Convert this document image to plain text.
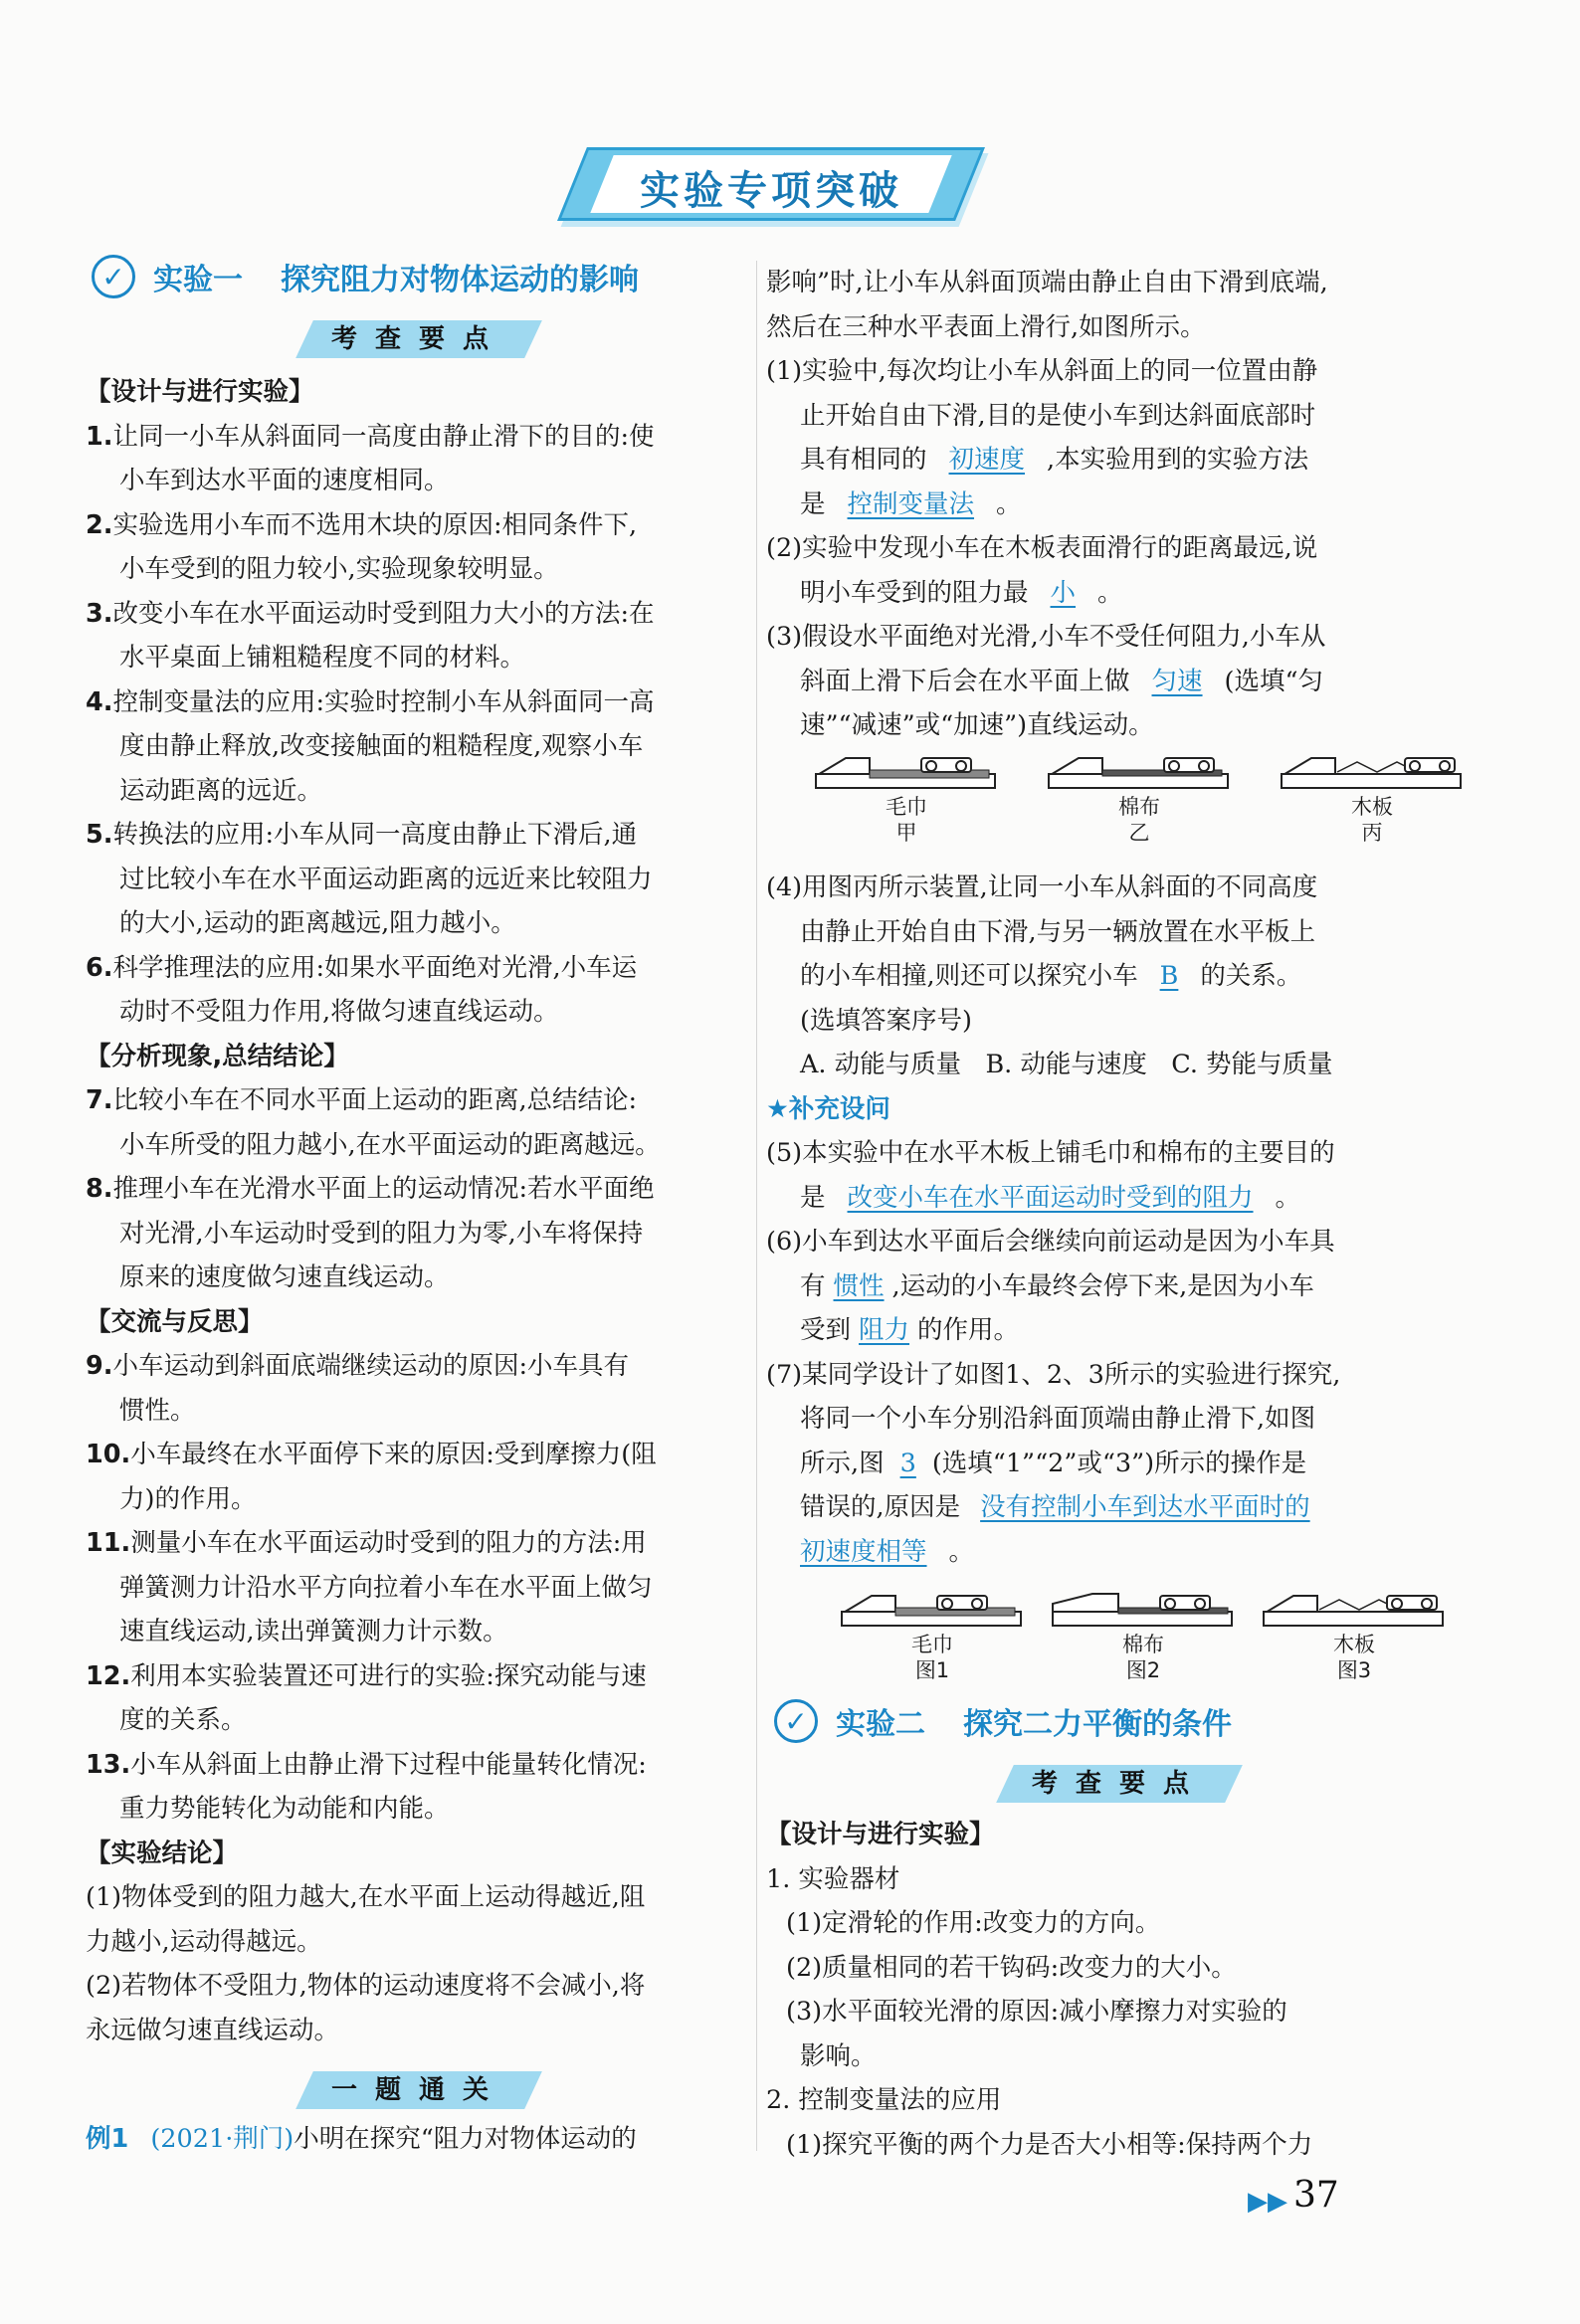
实验专项突破
✓ 实验一 探究阻力对物体运动的影响
考查要点
【设计与进行实验】
1.让同一小车从斜面同一高度由静止滑下的目的:使
小车到达水平面的速度相同。
2.实验选用小车而不选用木块的原因:相同条件下,
小车受到的阻力较小,实验现象较明显。
3.改变小车在水平面运动时受到阻力大小的方法:在
水平桌面上铺粗糙程度不同的材料。
4.控制变量法的应用:实验时控制小车从斜面同一高
度由静止释放,改变接触面的粗糙程度,观察小车
运动距离的远近。
5.转换法的应用:小车从同一高度由静止下滑后,通
过比较小车在水平面运动距离的远近来比较阻力
的大小,运动的距离越远,阻力越小。
6.科学推理法的应用:如果水平面绝对光滑,小车运
动时不受阻力作用,将做匀速直线运动。
【分析现象,总结结论】
7.比较小车在不同水平面上运动的距离,总结结论:
小车所受的阻力越小,在水平面运动的距离越远。
8.推理小车在光滑水平面上的运动情况:若水平面绝
对光滑,小车运动时受到的阻力为零,小车将保持
原来的速度做匀速直线运动。
【交流与反思】
9.小车运动到斜面底端继续运动的原因:小车具有
惯性。
10.小车最终在水平面停下来的原因:受到摩擦力(阻
力)的作用。
11.测量小车在水平面运动时受到的阻力的方法:用
弹簧测力计沿水平方向拉着小车在水平面上做匀
速直线运动,读出弹簧测力计示数。
12.利用本实验装置还可进行的实验:探究动能与速
度的关系。
13.小车从斜面上由静止滑下过程中能量转化情况:
重力势能转化为动能和内能。
【实验结论】
(1)物体受到的阻力越大,在水平面上运动得越近,阻
力越小,运动得越远。
(2)若物体不受阻力,物体的运动速度将不会减小,将
永远做匀速直线运动。
一题通关
例1 (2021·荆门)小明在探究“阻力对物体运动的
影响”时,让小车从斜面顶端由静止自由下滑到底端,
然后在三种水平表面上滑行,如图所示。
(1)实验中,每次均让小车从斜面上的同一位置由静
止开始自由下滑,目的是使小车到达斜面底部时
具有相同的 初速度 ,本实验用到的实验方法
是 控制变量法 。
(2)实验中发现小车在木板表面滑行的距离最远,说
明小车受到的阻力最 小 。
(3)假设水平面绝对光滑,小车不受任何阻力,小车从
斜面上滑下后会在水平面上做 匀速 (选填“匀
速”“减速”或“加速”)直线运动。
毛巾
甲
棉布
乙
木板
丙
(4)用图丙所示装置,让同一小车从斜面的不同高度
由静止开始自由下滑,与另一辆放置在水平板上
的小车相撞,则还可以探究小车 B 的关系。
(选填答案序号)
A. 动能与质量   B. 动能与速度   C. 势能与质量
★补充设问
(5)本实验中在水平木板上铺毛巾和棉布的主要目的
是 改变小车在水平面运动时受到的阻力 。
(6)小车到达水平面后会继续向前运动是因为小车具
有 惯性 ,运动的小车最终会停下来,是因为小车
受到 阻力 的作用。
(7)某同学设计了如图1、2、3所示的实验进行探究,
将同一个小车分别沿斜面顶端由静止滑下,如图
所示,图 3 (选填“1”“2”或“3”)所示的操作是
错误的,原因是 没有控制小车到达水平面时的
初速度相等 。
毛巾
图1
棉布
图2
木板
图3
✓ 实验二 探究二力平衡的条件
考查要点
【设计与进行实验】
1. 实验器材
(1)定滑轮的作用:改变力的方向。
(2)质量相同的若干钩码:改变力的大小。
(3)水平面较光滑的原因:减小摩擦力对实验的
影响。
2. 控制变量法的应用
(1)探究平衡的两个力是否大小相等:保持两个力
▶▶ 37
